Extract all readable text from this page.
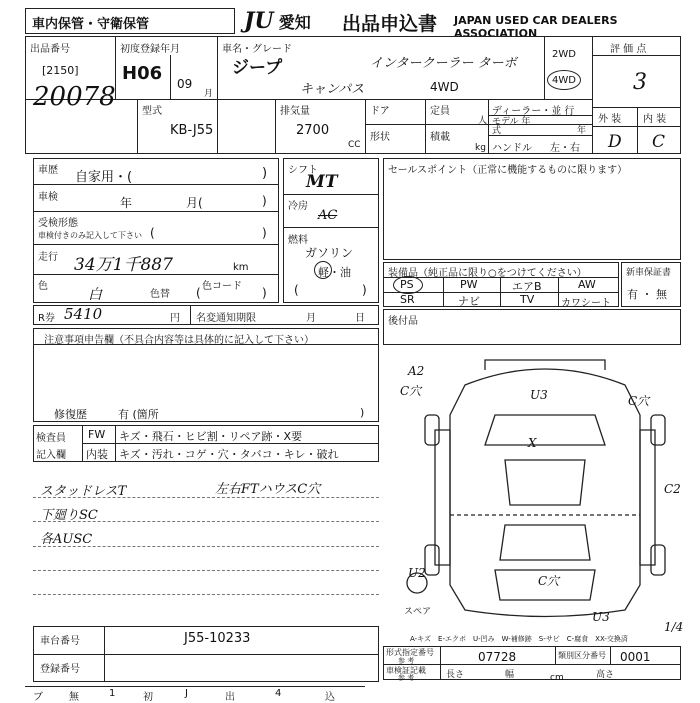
車内保管・守衛保管	JU 愛知 出品申込書 JAPAN USED CAR DEALERS ASSOCIATION
出品番号
[2150]
20078
初度登録年月
H06 09
月
車名・グレード
ジープ	インタークーラー ターボ
キャンパス	4WD
2WD
4WD
評 価 点
3
外 装 内 装
D C
型式
KB-J55
排気量
2700
CC
ドア	定員
人
形状	積載
kg
ディーラー・並 行
モデル 年式	年
ハンドル 左・右
車歴 自家用・(	)
車検	年	月(	)
受検形態
車検付きのみ記入して下さい (	)
走行 34万1千887	km
色
白	色替
色コード
(	)
シフト
MT
冷房
AC
燃料
ガソリン
軽・油
(	)
セールスポイント（正常に機能するものに限ります）
装備品（純正品に限り○をつけてください）
PS	PW	エアB	AW
SR	ナビ	TV	カワシート
新車保証書
有 ・ 無
R券 5410	円 名変通知期限	月	日 後付品
注意事項申告欄（不具合内容等は具体的に記入して下さい）
修復歴	有 (箇所	)
検査員
記入欄
FW キズ・飛石・ヒビ割・リペア跡・X要
内装 キズ・汚れ・コゲ・穴・タバコ・キレ・破れ
スタッドレスT
下廻りSC
各AUSC
左右FTハウスC穴
A2
C穴	U3	C穴
X
C2
U2
C穴
U3
スペア
A-キズ　E-エクボ　U-凹み　W-補修跡　S-サビ　C-腐食　XX-交換済
車台番号	J55-10233
登録番号
形式指定番号
参 考	07728	類別区分番号 0001
車検証記載
参 考	長さ	幅	高さ
cm
ブ	無	1	初	J	出	4	込
1/4
